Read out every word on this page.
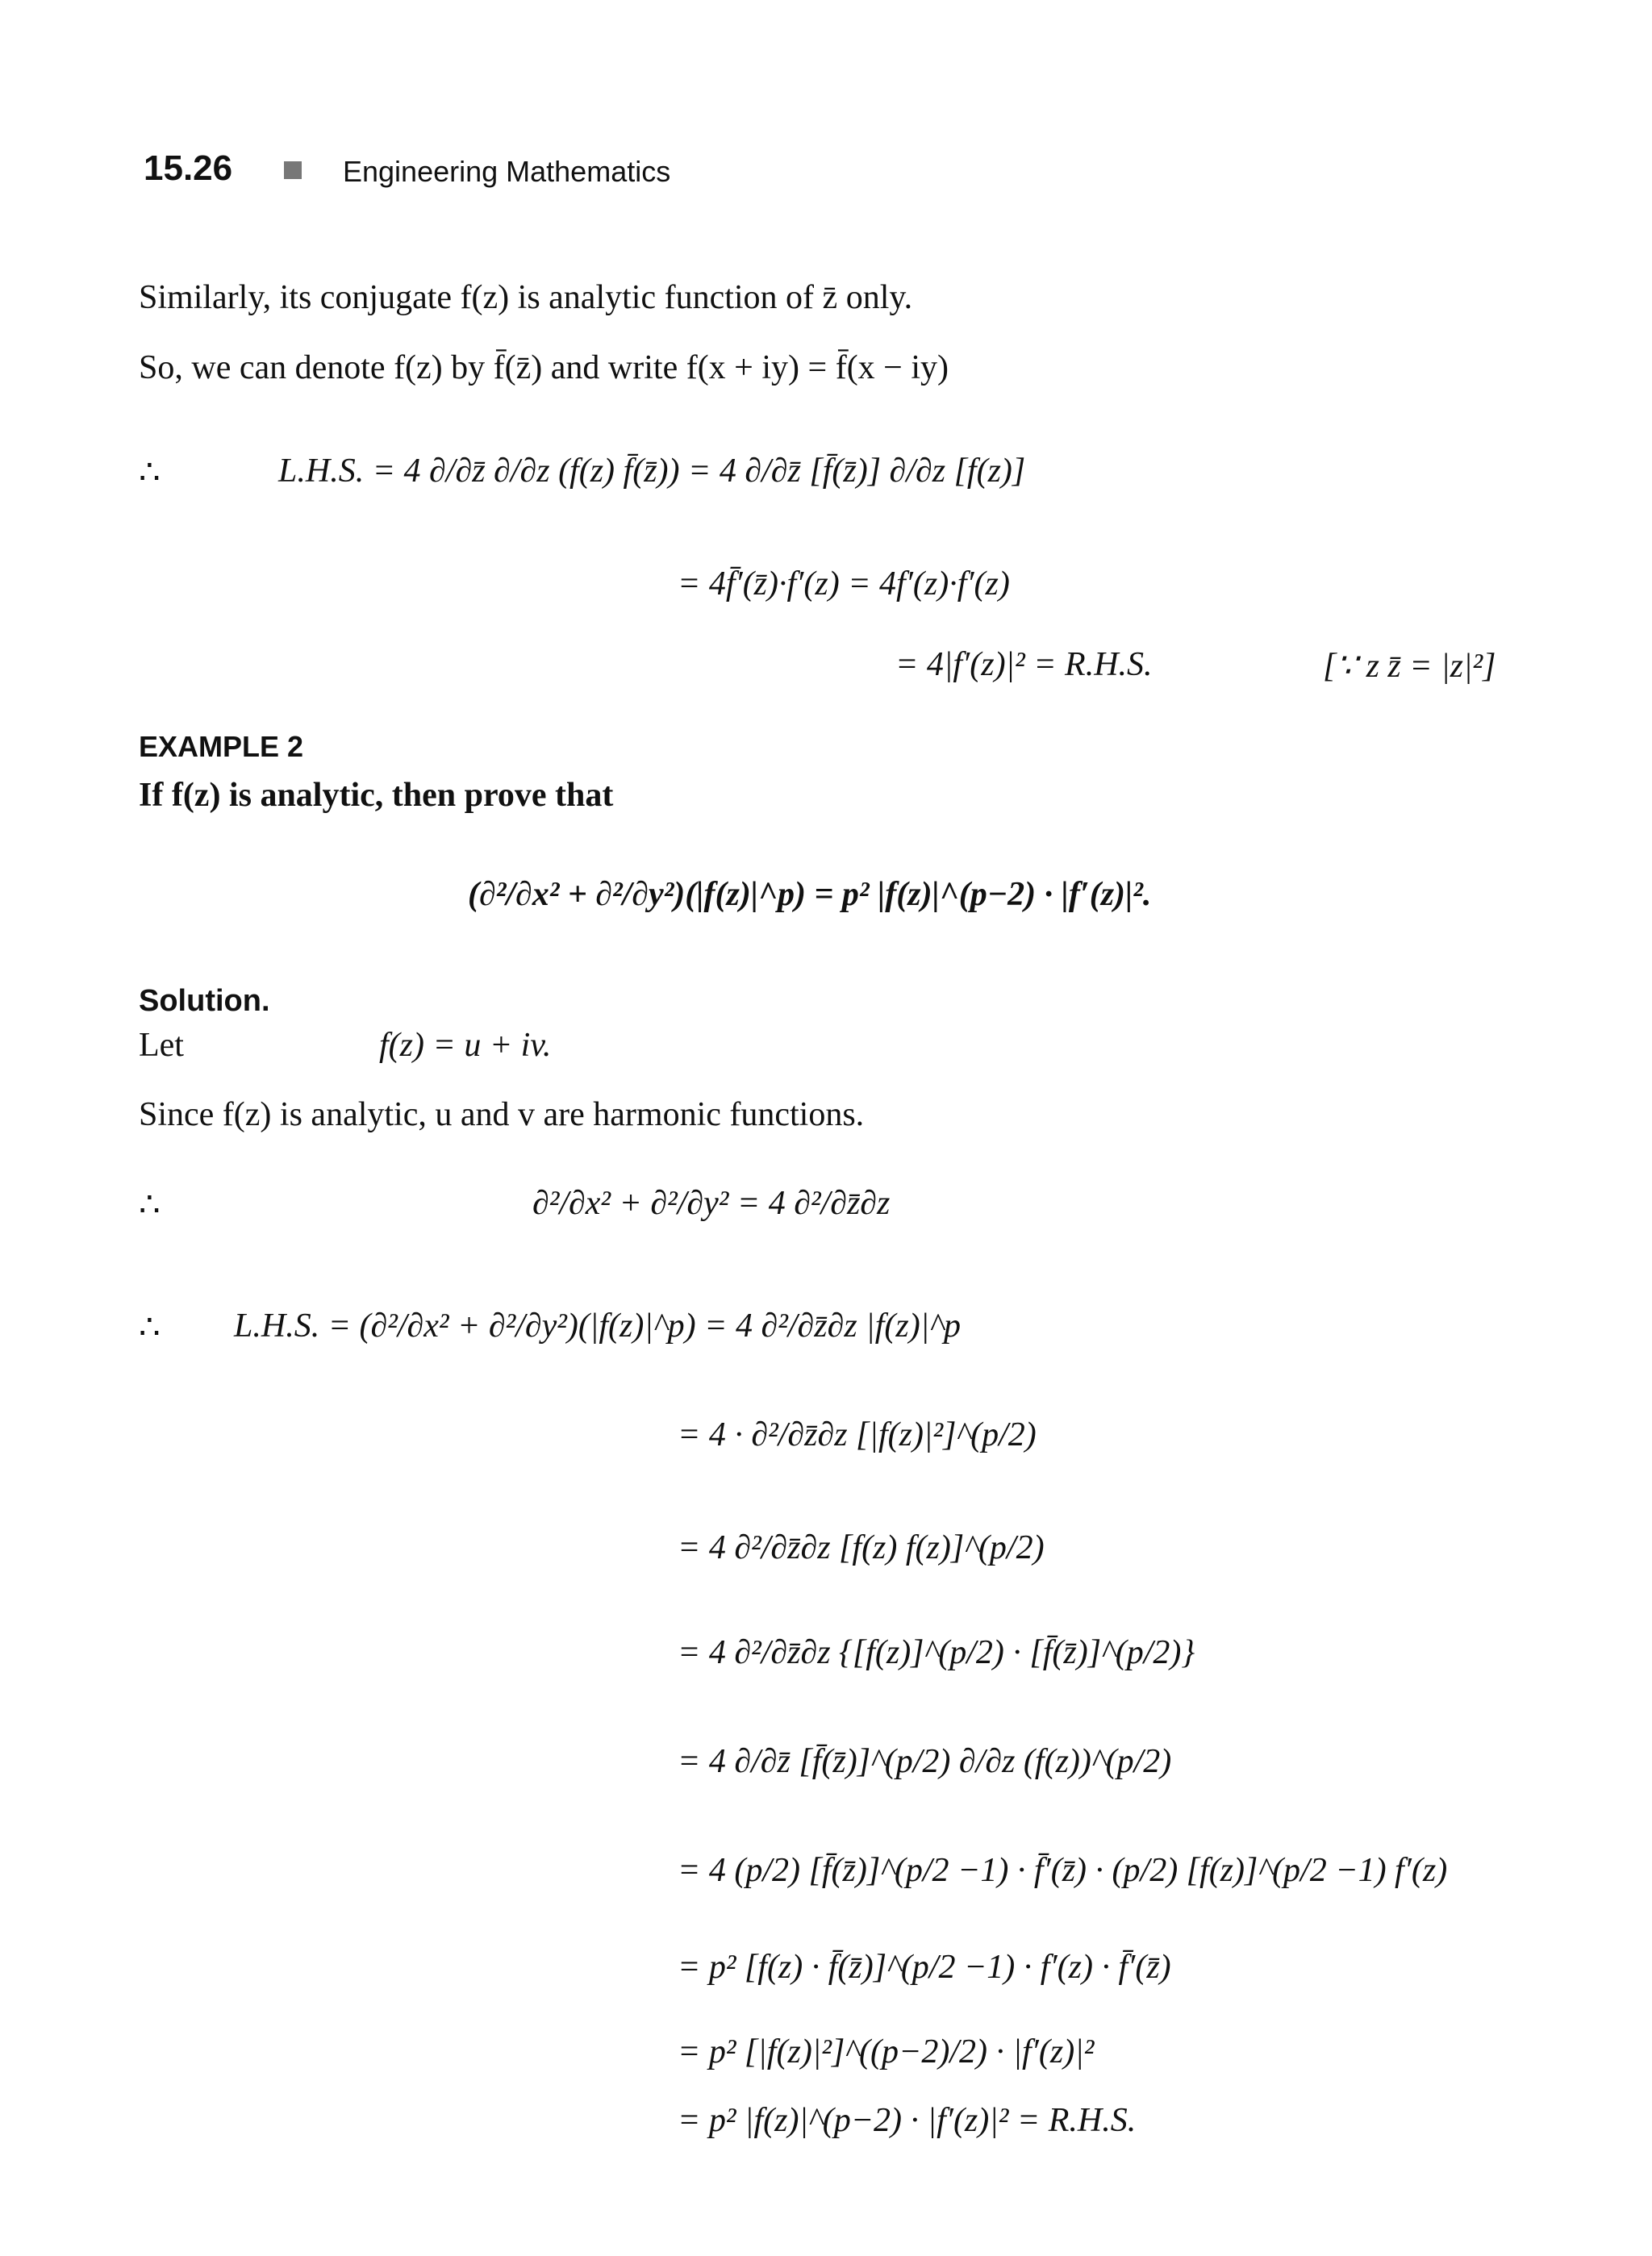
15.26	Engineering Mathematics
Similarly, its conjugate f(z) is analytic function of z̄ only.
So, we can denote f(z) by f̄(z̄) and write f(x + iy) = f̄(x − iy)
∴	L.H.S. = 4 ∂/∂z̄ ∂/∂z (f(z) f̄(z̄)) = 4 ∂/∂z̄ [f̄(z̄)] ∂/∂z [f(z)]
= 4f̄′(z̄)·f′(z) = 4f′(z)·f′(z)
= 4|f′(z)|² = R.H.S.	[∵ z z̄ = |z|²]
EXAMPLE 2
If f(z) is analytic, then prove that
(∂²/∂x² + ∂²/∂y²)(|f(z)|^p) = p² |f(z)|^(p−2) · |f′(z)|².
Solution.
Let	f(z) = u + iv.
Since f(z) is analytic, u and v are harmonic functions.
∴	∂²/∂x² + ∂²/∂y² = 4 ∂²/∂z̄∂z
∴ L.H.S. = (∂²/∂x² + ∂²/∂y²)(|f(z)|^p) = 4 ∂²/∂z̄∂z |f(z)|^p
= 4 · ∂²/∂z̄∂z [|f(z)|²]^(p/2)
= 4 ∂²/∂z̄∂z [f(z) f(z)]^(p/2)
= 4 ∂²/∂z̄∂z {[f(z)]^(p/2) · [f̄(z̄)]^(p/2)}
= 4 ∂/∂z̄ [f̄(z̄)]^(p/2) ∂/∂z (f(z))^(p/2)
= 4 (p/2) [f̄(z̄)]^(p/2 −1) · f̄′(z̄) · (p/2) [f(z)]^(p/2 −1) f′(z)
= p² [f(z) · f̄(z̄)]^(p/2 −1) · f′(z) · f̄′(z̄)
= p² [|f(z)|²]^((p−2)/2) · |f′(z)|²
= p² |f(z)|^(p−2) · |f′(z)|² = R.H.S.
